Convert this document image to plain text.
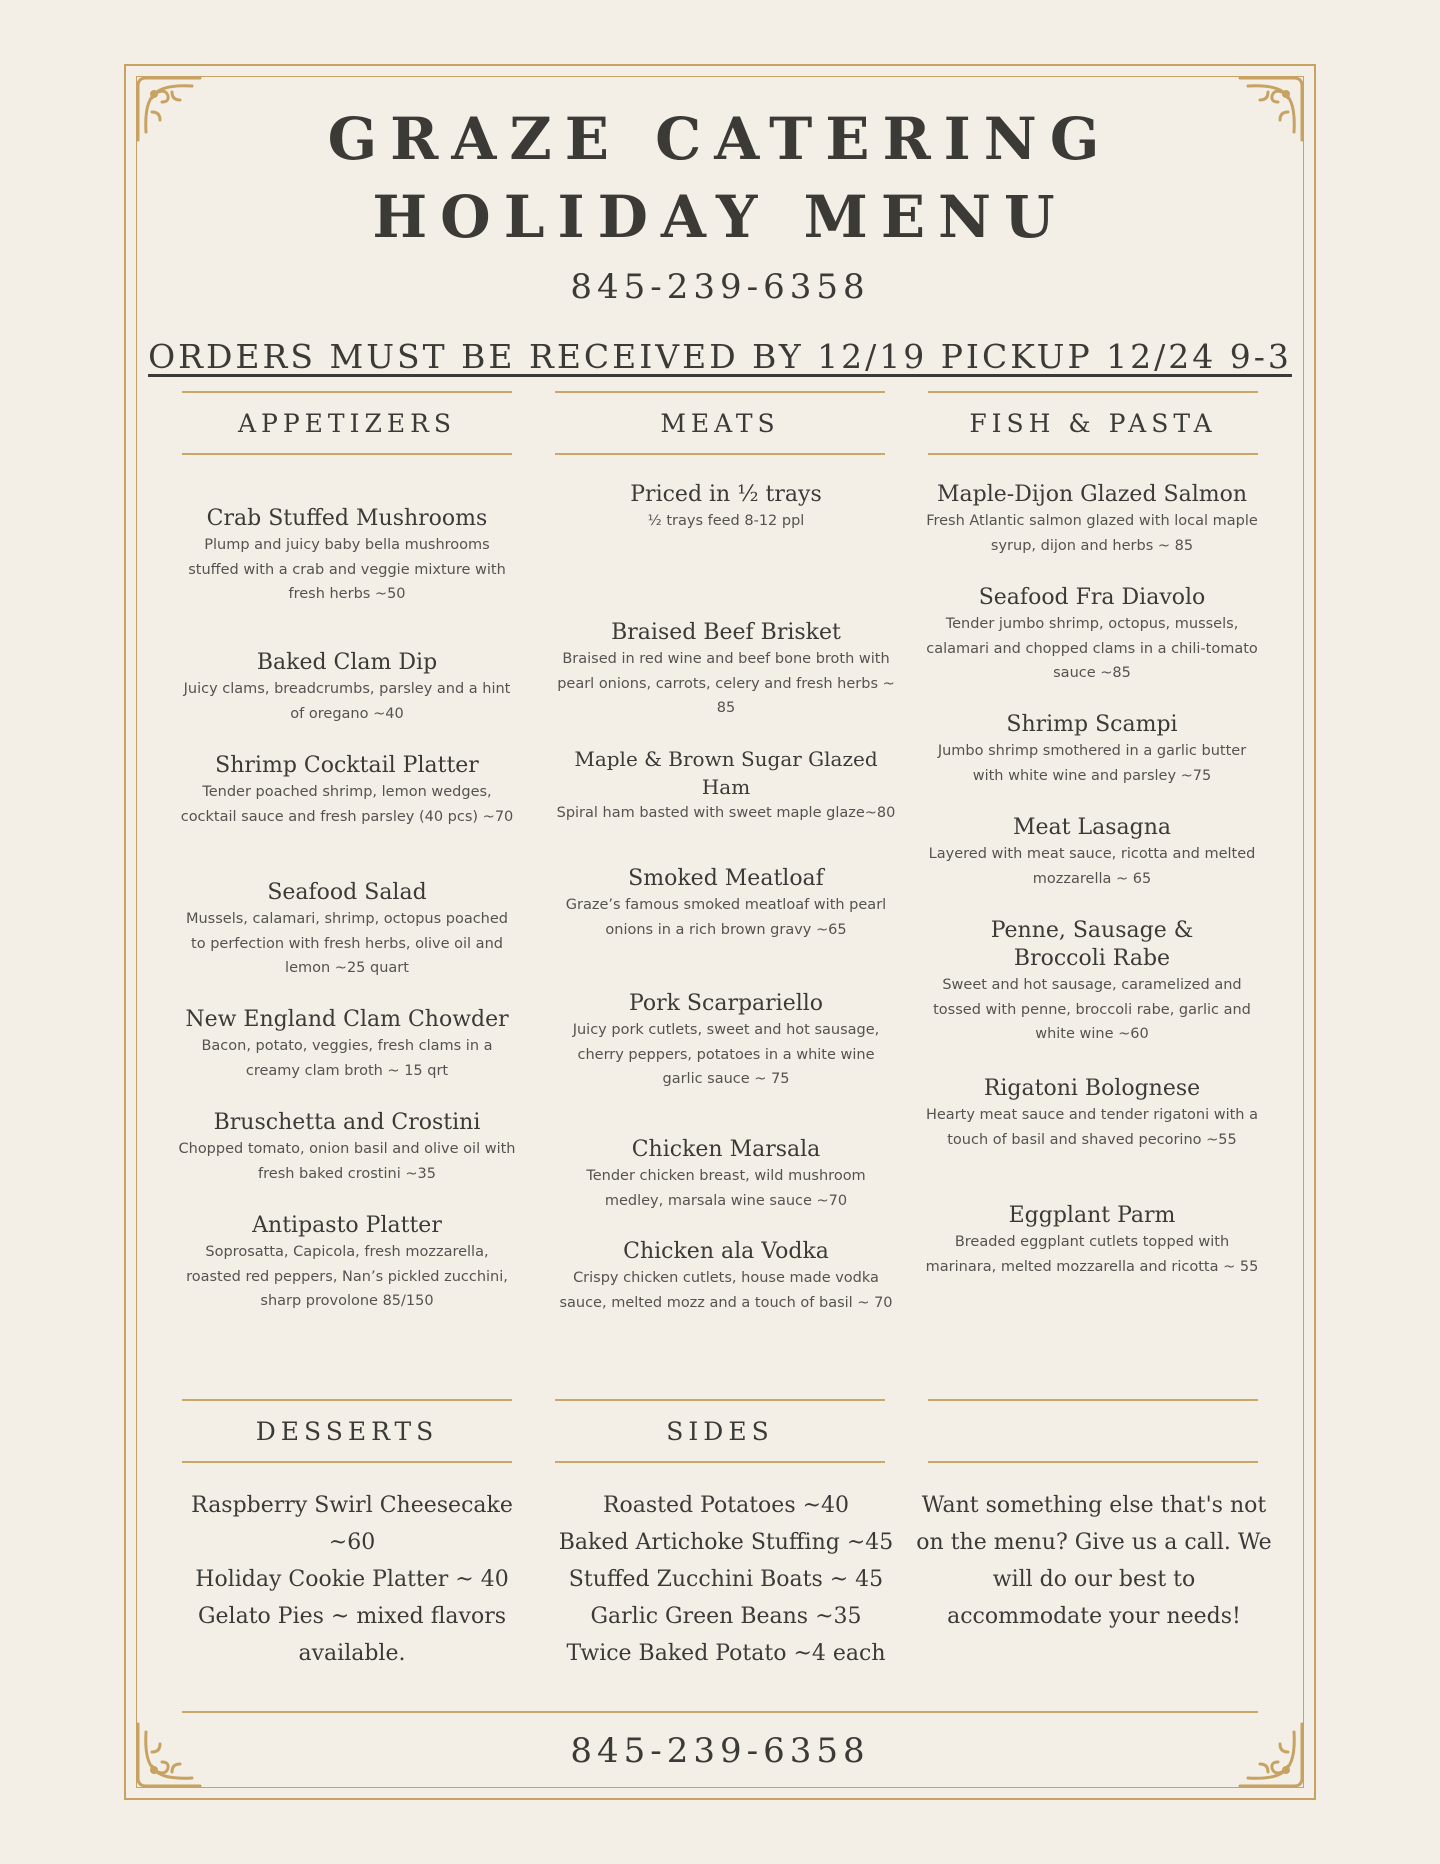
GRAZE CATERING
HOLIDAY MENU
845-239-6358
ORDERS MUST BE RECEIVED BY 12/19 PICKUP 12/24 9-3
APPETIZERS	MEATS	FISH & PASTA
Crab Stuffed Mushrooms
Plump and juicy baby bella mushrooms stuffed with a crab and veggie mixture with fresh herbs ~50
Baked Clam Dip
Juicy clams, breadcrumbs, parsley and a hint of oregano ~40
Shrimp Cocktail Platter
Tender poached shrimp, lemon wedges, cocktail sauce and fresh parsley (40 pcs) ~70
Seafood Salad
Mussels, calamari, shrimp, octopus poached to perfection with fresh herbs, olive oil and lemon ~25 quart
New England Clam Chowder
Bacon, potato, veggies, fresh clams in a creamy clam broth ~ 15 qrt
Bruschetta and Crostini
Chopped tomato, onion basil and olive oil with fresh baked crostini ~35
Antipasto Platter
Soprosatta, Capicola, fresh mozzarella, roasted red peppers, Nan’s pickled zucchini, sharp provolone 85/150
Priced in ½ trays
½ trays feed 8-12 ppl
Braised Beef Brisket
Braised in red wine and beef bone broth with pearl onions, carrots, celery and fresh herbs ~ 85
Maple & Brown Sugar Glazed Ham
Spiral ham basted with sweet maple glaze~80
Smoked Meatloaf
Graze’s famous smoked meatloaf with pearl onions in a rich brown gravy ~65
Pork Scarpariello
Juicy pork cutlets, sweet and hot sausage, cherry peppers, potatoes in a white wine garlic sauce ~ 75
Chicken Marsala
Tender chicken breast, wild mushroom medley, marsala wine sauce ~70
Chicken ala Vodka
Crispy chicken cutlets, house made vodka sauce, melted mozz and a touch of basil ~ 70
Maple-Dijon Glazed Salmon
Fresh Atlantic salmon glazed with local maple syrup, dijon and herbs ~ 85
Seafood Fra Diavolo
Tender jumbo shrimp, octopus, mussels, calamari and chopped clams in a chili-tomato sauce ~85
Shrimp Scampi
Jumbo shrimp smothered in a garlic butter with white wine and parsley ~75
Meat Lasagna
Layered with meat sauce, ricotta and melted mozzarella ~ 65
Penne, Sausage & Broccoli Rabe
Sweet and hot sausage, caramelized and tossed with penne, broccoli rabe, garlic and white wine ~60
Rigatoni Bolognese
Hearty meat sauce and tender rigatoni with a touch of basil and shaved pecorino ~55
Eggplant Parm
Breaded eggplant cutlets topped with marinara, melted mozzarella and ricotta ~ 55
DESSERTS	SIDES
Raspberry Swirl Cheesecake ~60
Holiday Cookie Platter ~ 40
Gelato Pies ~ mixed flavors available.
Roasted Potatoes ~40
Baked Artichoke Stuffing ~45
Stuffed Zucchini Boats ~ 45
Garlic Green Beans ~35
Twice Baked Potato ~4 each
Want something else that's not on the menu? Give us a call. We will do our best to accommodate your needs!
845-239-6358
